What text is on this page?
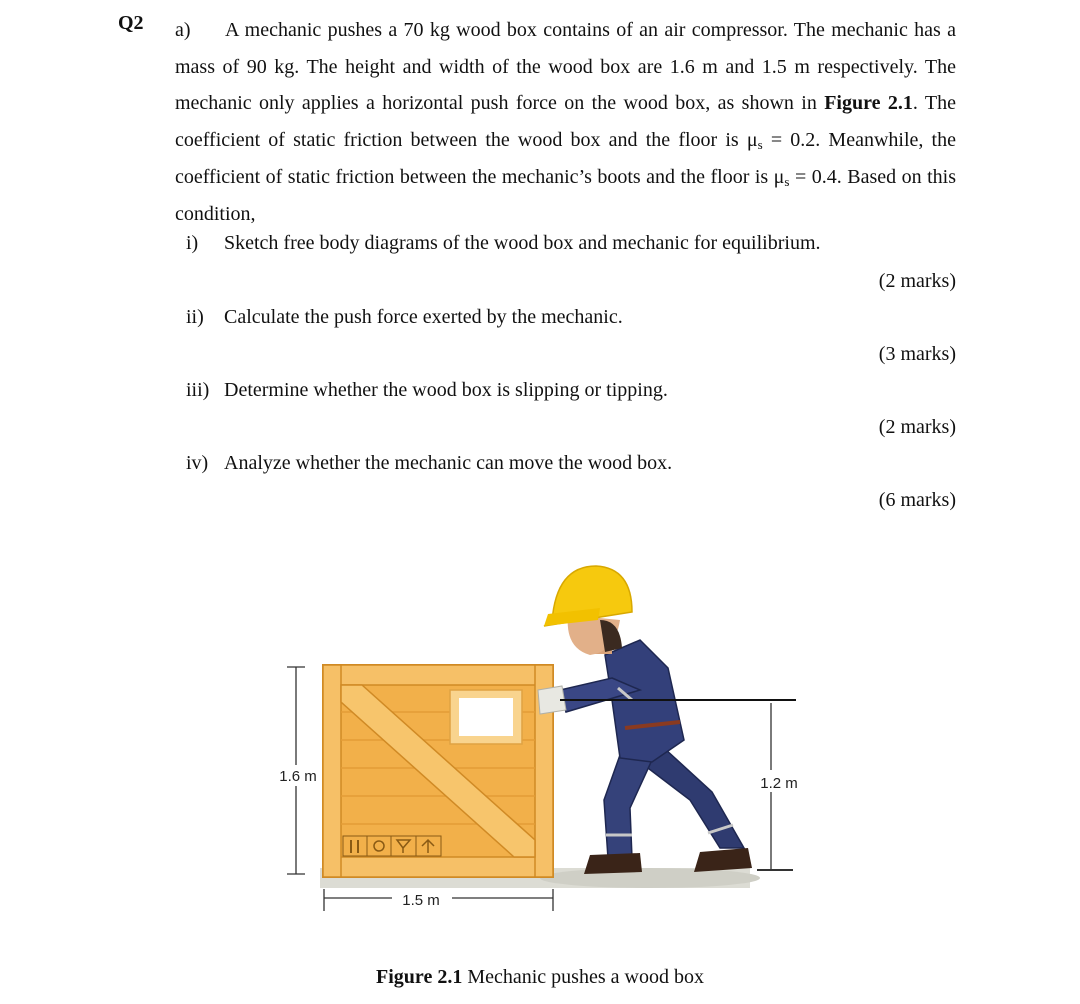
Q2 a) A mechanic pushes a 70 kg wood box contains of an air compressor. The mechanic has a mass of 90 kg. The height and width of the wood box are 1.6 m and 1.5 m respectively. The mechanic only applies a horizontal push force on the wood box, as shown in Figure 2.1. The coefficient of static friction between the wood box and the floor is $\mu_s = 0.2$. Meanwhile, the coefficient of static friction between the mechanic’s boots and the floor is $\mu_s = 0.4$. Based on this condition,
i) Sketch free body diagrams of the wood box and mechanic for equilibrium.
(2 marks)
ii) Calculate the push force exerted by the mechanic.
(3 marks)
iii) Determine whether the wood box is slipping or tipping.
(2 marks)
iv) Analyze whether the mechanic can move the wood box.
(6 marks)
1.6 m
1.5 m
1.2 m
Figure 2.1 Mechanic pushes a wood box
